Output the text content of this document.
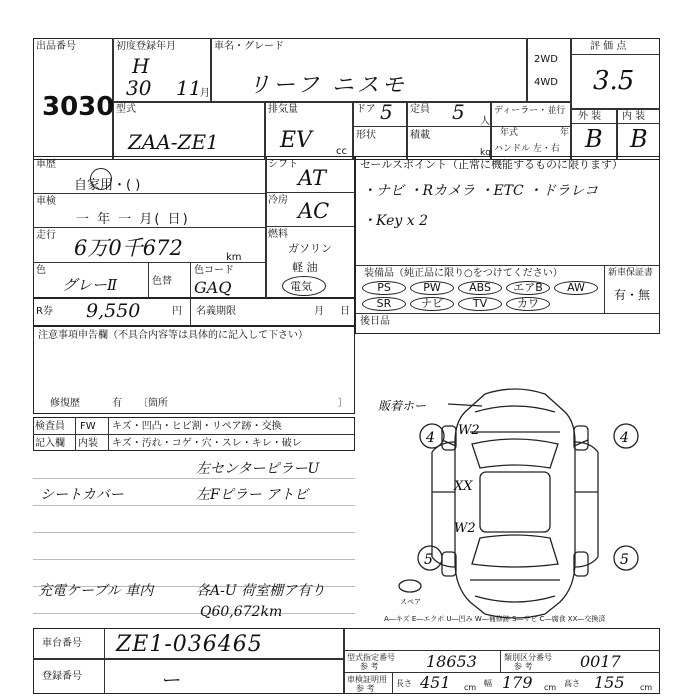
出品番号
3030
初度登録年月
H
30 11
月
車名・グレード
リーフ ニスモ
2WD
4WD
評 価 点
3.5
外 装 内 装
B B
型式
ZAA-ZE1
排気量
EV cc
ドア 5 定員 5 人
形状	積載
kg
ディーラー・並行
年式	年
ハンドル 左・右
車歴
自家用・( )
車検
一 年 一 月( 日)
走行
6万0千672	km
色
グレーⅡ	色替
色コード
GAQ
シフト
AT
冷房 AC
燃料
ガソリン
軽 油
電気
セールスポイント（正常に機能するものに限ります）
・ナビ ・Rカメラ ・ETC ・ドラレコ
・Key x 2
装備品（純正品に限り○をつけてください）	新車保証書
有・無
PS	PW	ABS	エアB	AW
SR	ナビ	TV	カワ
後日品
R券 9,550	円 名義期限	月 日
注意事項申告欄（不具合内容等は具体的に記入して下さい）
修復歴	有 〔箇所	〕
検査員
記入欄
FW キズ・凹凸・ヒビ割・リペア跡・交換
内装 キズ・汚れ・コゲ・穴・スレ・キレ・破レ
左センターピラーU
左Fピラー アトビ
シートカバー
充電ケーブル 車内	各A-U 荷室棚ア有り
Q60,672km
4	4
5	5
スペア
販着ホー
W2
XX
W2
A―キズ E―エクボ U―凹み W―補修跡 S―サビ C―腐食 XX―交換済
車台番号 ZE1-036465
登録番号	ー
型式指定番号
参 考	18653	類別区分番号
参 考	0017
車検証明用
参 考
長さ 451 cm 幅 179 cm 高さ 155 cm
